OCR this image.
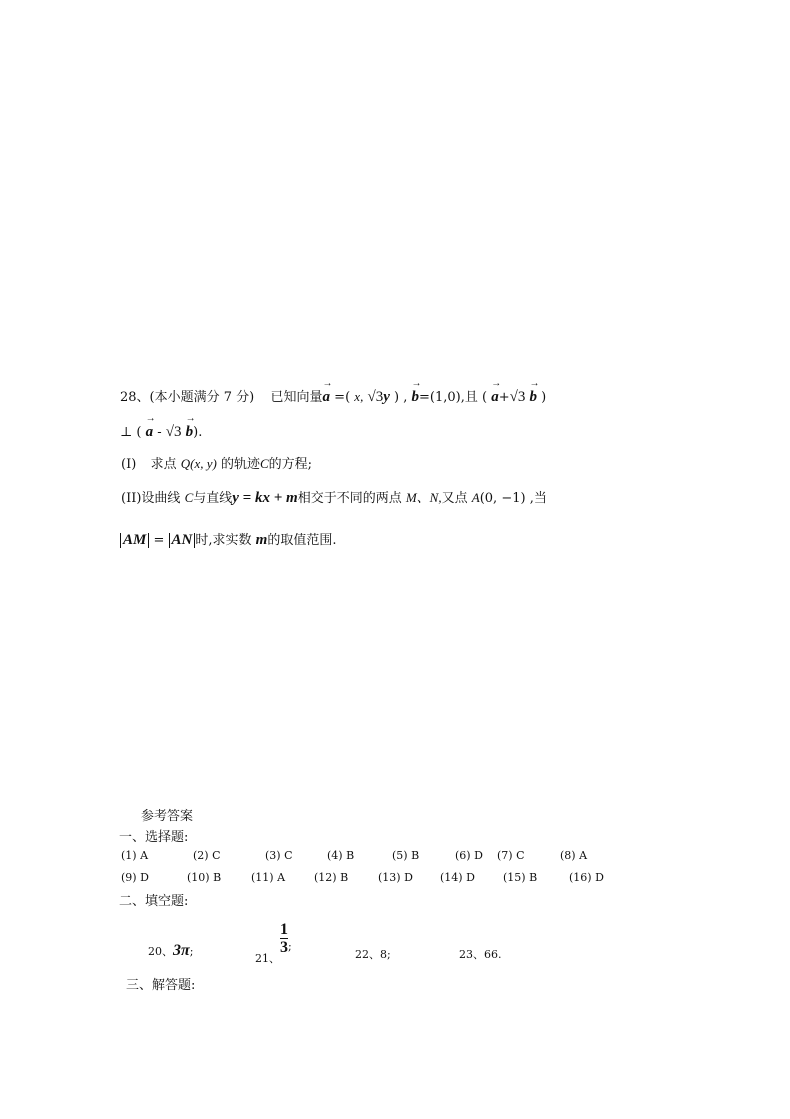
28、(本小题满分 7 分) 已知向量→ a =( x, √3y ) , → b=(1,0),且 ( → a+√3 → b )
⊥ ( → a - √3 → b).
(I) 求点 Q(x, y) 的轨迹C的方程;
(II)设曲线 C与直线y = kx + m相交于不同的两点 M、N,又点 A(0, −1) ,当
AM = AN 时,求实数 m的取值范围.
参考答案
一、选择题:
(1) A	(2) C	(3) C	(4) B	(5) B	(6) D (7) C	(8) A
(9) D	(10) B	(11) A	(12) B	(13) D (14) D	(15) B	(16) D
二、填空题:
20、3π;
21、
$\frac{1}{3}$ ;
22、8;	23、66.
三、解答题:
